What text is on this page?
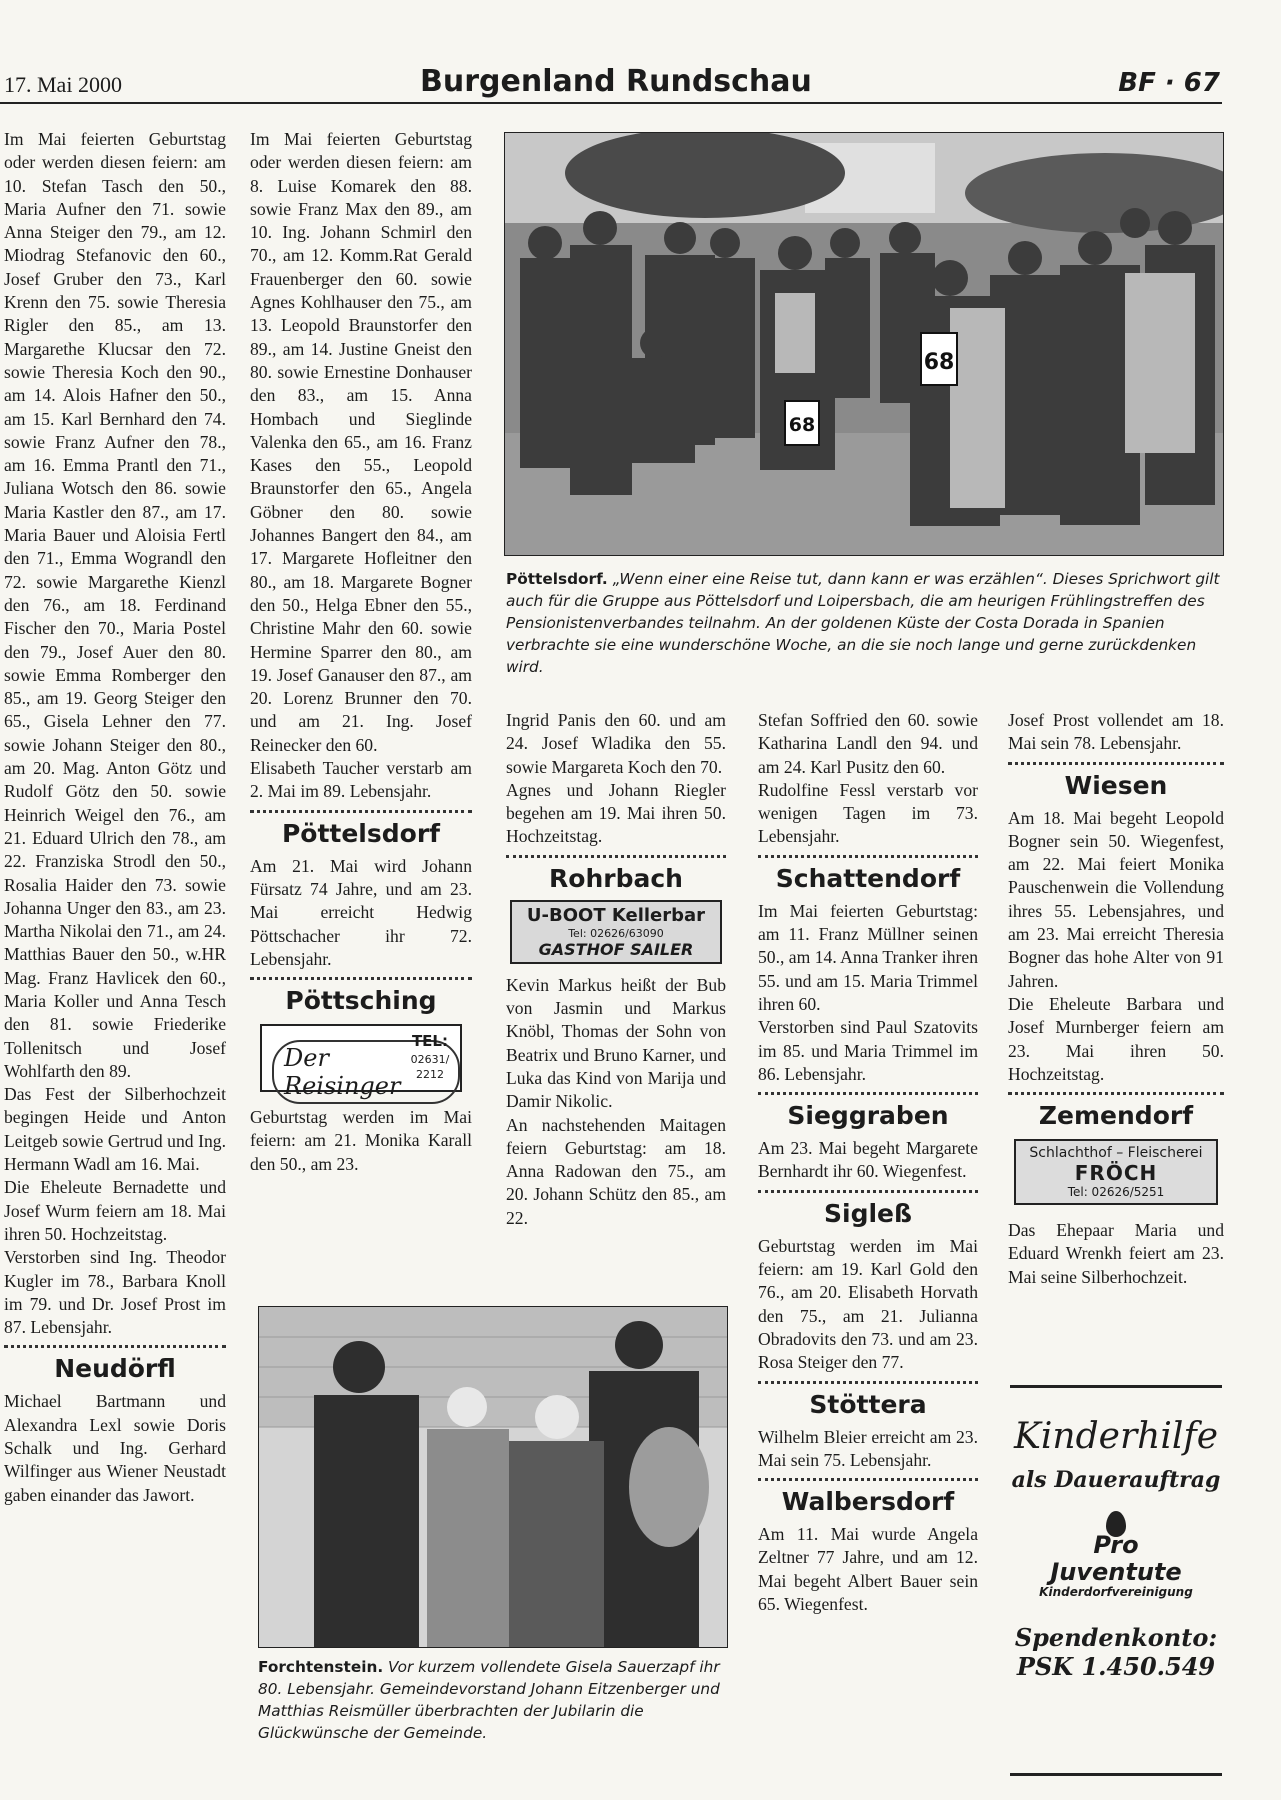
17. Mai 2000	Burgenland Rundschau	BF · 67

Im Mai feierten Geburtstag oder werden diesen feiern: am 10. Stefan Tasch den 50., Maria Aufner den 71. sowie Anna Steiger den 79., am 12. Miodrag Stefanovic den 60., Josef Gruber den 73., Karl Krenn den 75. sowie Theresia Rigler den 85., am 13. Margarethe Klucsar den 72. sowie Theresia Koch den 90., am 14. Alois Hafner den 50., am 15. Karl Bernhard den 74. sowie Franz Aufner den 78., am 16. Emma Prantl den 71., Juliana Wotsch den 86. sowie Maria Kastler den 87., am 17. Maria Bauer und Aloisia Fertl den 71., Emma Wograndl den 72. sowie Margarethe Kienzl den 76., am 18. Ferdinand Fischer den 70., Maria Postel den 79., Josef Auer den 80. sowie Emma Romberger den 85., am 19. Georg Steiger den 65., Gisela Lehner den 77. sowie Johann Steiger den 80., am 20. Mag. Anton Götz und Rudolf Götz den 50. sowie Heinrich Weigel den 76., am 21. Eduard Ulrich den 78., am 22. Franziska Strodl den 50., Rosalia Haider den 73. sowie Johanna Unger den 83., am 23. Martha Nikolai den 71., am 24. Matthias Bauer den 50., w.HR Mag. Franz Havlicek den 60., Maria Koller und Anna Tesch den 81. sowie Friederike Tollenitsch und Josef Wohlfarth den 89.

Das Fest der Silberhochzeit begingen Heide und Anton Leitgeb sowie Gertrud und Ing. Hermann Wadl am 16. Mai.

Die Eheleute Bernadette und Josef Wurm feiern am 18. Mai ihren 50. Hochzeitstag.

Verstorben sind Ing. Theodor Kugler im 78., Barbara Knoll im 79. und Dr. Josef Prost im 87. Lebensjahr.

Neudörfl

Michael Bartmann und Alexandra Lexl sowie Doris Schalk und Ing. Gerhard Wilfinger aus Wiener Neustadt gaben einander das Jawort.

Im Mai feierten Geburtstag oder werden diesen feiern: am 8. Luise Komarek den 88. sowie Franz Max den 89., am 10. Ing. Johann Schmirl den 70., am 12. Komm.Rat Gerald Frauenberger den 60. sowie Agnes Kohlhauser den 75., am 13. Leopold Braunstorfer den 89., am 14. Justine Gneist den 80. sowie Ernestine Donhauser den 83., am 15. Anna Hombach und Sieglinde Valenka den 65., am 16. Franz Kases den 55., Leopold Braunstorfer den 65., Angela Göbner den 80. sowie Johannes Bangert den 84., am 17. Margarete Hofleitner den 80., am 18. Margarete Bogner den 50., Helga Ebner den 55., Christine Mahr den 60. sowie Hermine Sparrer den 80., am 19. Josef Ganauser den 87., am 20. Lorenz Brunner den 70. und am 21. Ing. Josef Reinecker den 60.

Elisabeth Taucher verstarb am 2. Mai im 89. Lebensjahr.

Pöttelsdorf

Am 21. Mai wird Johann Fürsatz 74 Jahre, und am 23. Mai erreicht Hedwig Pöttschacher ihr 72. Lebensjahr.

Pöttsching
Der Reisinger
TEL:
02631/ 2212

Geburtstag werden im Mai feiern: am 21. Monika Karall den 50., am 23.

68
68
Pöttelsdorf. „Wenn einer eine Reise tut, dann kann er was erzählen“. Dieses Sprichwort gilt auch für die Gruppe aus Pöttelsdorf und Loipersbach, die am heurigen Frühlingstreffen des Pensionistenverbandes teilnahm. An der goldenen Küste der Costa Dorada in Spanien verbrachte sie eine wunderschöne Woche, an die sie noch lange und gerne zurückdenken wird.

Ingrid Panis den 60. und am 24. Josef Wladika den 55. sowie Margareta Koch den 70.

Agnes und Johann Riegler begehen am 19. Mai ihren 50. Hochzeitstag.

Rohrbach
U-BOOT Kellerbar
Tel: 02626/63090
GASTHOF SAILER

Kevin Markus heißt der Bub von Jasmin und Markus Knöbl, Thomas der Sohn von Beatrix und Bruno Karner, und Luka das Kind von Marija und Damir Nikolic.

An nachstehenden Maitagen feiern Geburtstag: am 18. Anna Radowan den 75., am 20. Johann Schütz den 85., am 22.

Stefan Soffried den 60. sowie Katharina Landl den 94. und am 24. Karl Pusitz den 60.

Rudolfine Fessl verstarb vor wenigen Tagen im 73. Lebensjahr.

Schattendorf

Im Mai feierten Geburtstag: am 11. Franz Müllner seinen 50., am 14. Anna Tranker ihren 55. und am 15. Maria Trimmel ihren 60.

Verstorben sind Paul Szatovits im 85. und Maria Trimmel im 86. Lebensjahr.

Sieggraben

Am 23. Mai begeht Margarete Bernhardt ihr 60. Wiegenfest.

Sigleß

Geburtstag werden im Mai feiern: am 19. Karl Gold den 76., am 20. Elisabeth Horvath den 75., am 21. Julianna Obradovits den 73. und am 23. Rosa Steiger den 77.

Stöttera

Wilhelm Bleier erreicht am 23. Mai sein 75. Lebensjahr.

Walbersdorf

Am 11. Mai wurde Angela Zeltner 77 Jahre, und am 12. Mai begeht Albert Bauer sein 65. Wiegenfest.

Josef Prost vollendet am 18. Mai sein 78. Lebensjahr.

Wiesen

Am 18. Mai begeht Leopold Bogner sein 50. Wiegenfest, am 22. Mai feiert Monika Pauschenwein die Vollendung ihres 55. Lebensjahres, und am 23. Mai erreicht Theresia Bogner das hohe Alter von 91 Jahren.

Die Eheleute Barbara und Josef Murnberger feiern am 23. Mai ihren 50. Hochzeitstag.

Zemendorf
Schlachthof – Fleischerei
FRÖCH
Tel: 02626/5251

Das Ehepaar Maria und Eduard Wrenkh feiert am 23. Mai seine Silberhochzeit.

Forchtenstein. Vor kurzem vollendete Gisela Sauerzapf ihr 80. Lebensjahr. Gemeindevorstand Johann Eitzenberger und Matthias Reismüller überbrachten der Jubilarin die Glückwünsche der Gemeinde.
Kinderhilfe
als Dauerauftrag
Pro
Juventute
Kinderdorfvereinigung
Spendenkonto:
PSK 1.450.549
